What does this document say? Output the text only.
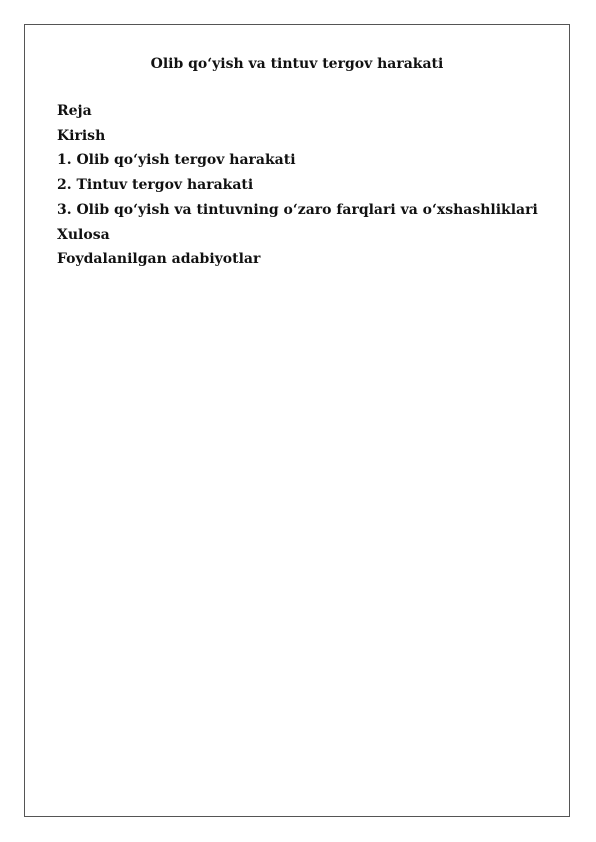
Olib qo‘yish va tintuv tergov harakati
Reja
Kirish
1. Olib qo‘yish tergov harakati
2. Tintuv tergov harakati
3. Olib qo‘yish va tintuvning o‘zaro farqlari va o‘xshashliklari
Xulosa
Foydalanilgan adabiyotlar
